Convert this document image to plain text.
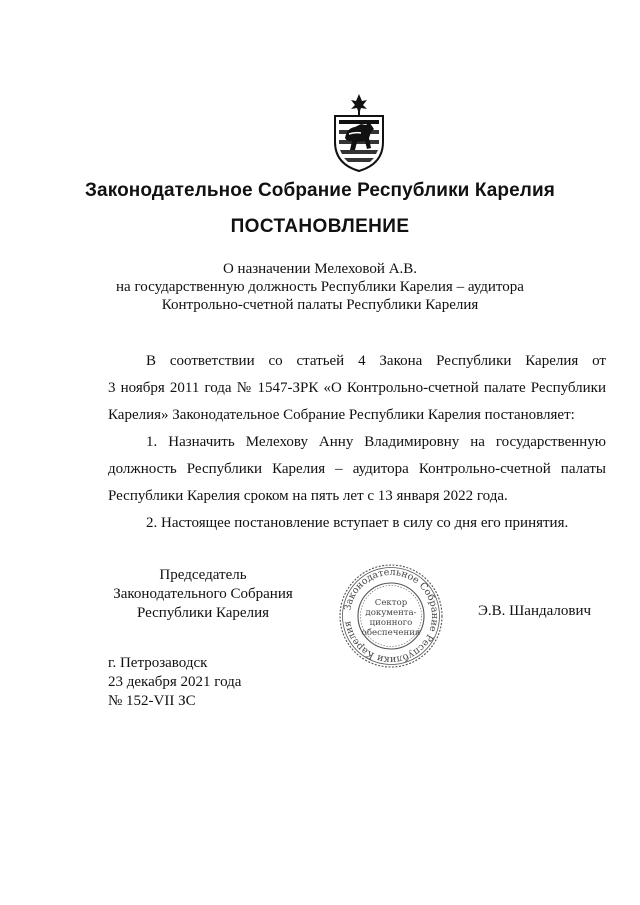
Законодательное Собрание Республики Карелия
ПОСТАНОВЛЕНИЕ
О назначении Мелеховой А.В.
на государственную должность Республики Карелия – аудитора
Контрольно-счетной палаты Республики Карелия
В соответствии со статьей 4 Закона Республики Карелия от
3 ноября 2011 года № 1547-ЗРК «О Контрольно-счетной палате Республики
Карелия» Законодательное Собрание Республики Карелия постановляет:
1. Назначить Мелехову Анну Владимировну на государственную
должность Республики Карелия – аудитора Контрольно-счетной палаты
Республики Карелия сроком на пять лет с 13 января 2022 года.
2. Настоящее постановление вступает в силу со дня его принятия.
Председатель
Законодательного Собрания
Республики Карелия	Законодательное Собрание Республики Карелия
Сектор
документа-
ционного
обеспечения
Э.В. Шандалович
г. Петрозаводск
23 декабря 2021 года
№ 152-VII ЗС
